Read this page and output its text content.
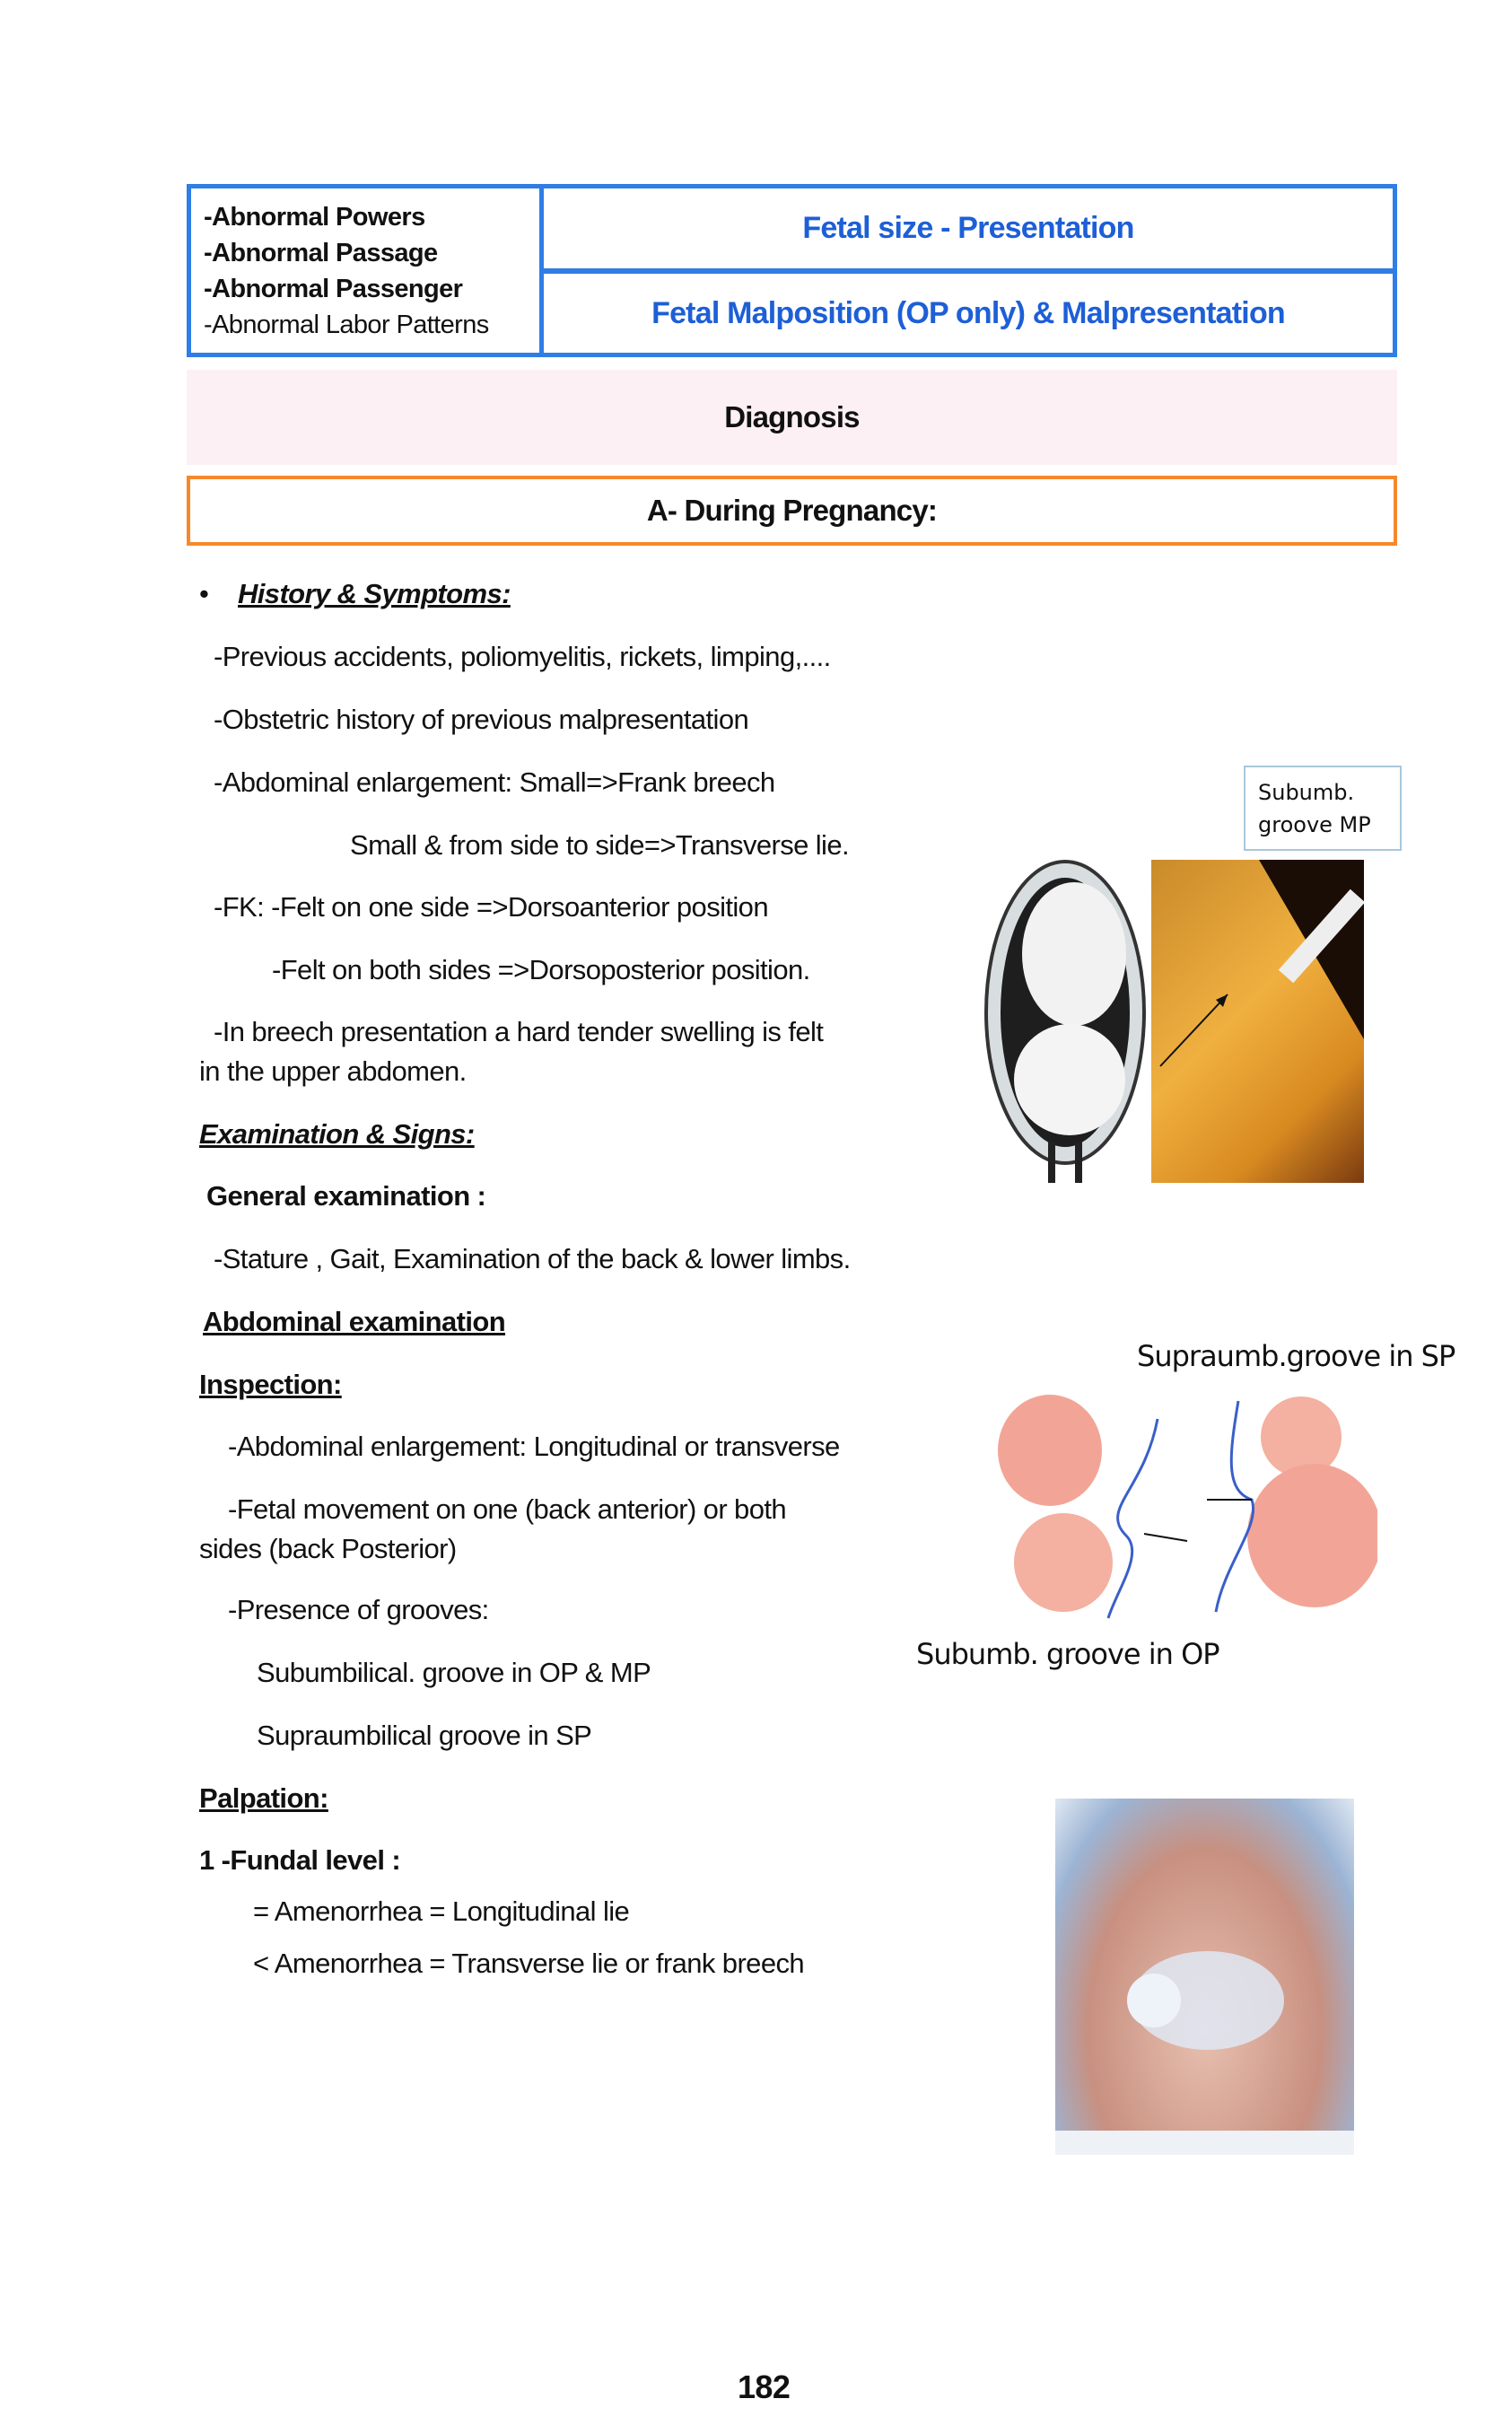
-Abnormal Powers
-Abnormal Passage
-Abnormal Passenger
-Abnormal Labor Patterns
Fetal size - Presentation
Fetal Malposition (OP only) & Malpresentation
Diagnosis
A- During Pregnancy:
• History & Symptoms:
-Previous accidents, poliomyelitis, rickets, limping,....
-Obstetric history of previous malpresentation
-Abdominal enlargement: Small=>Frank breech
Small & from side to side=>Transverse lie.
-FK: -Felt on one side =>Dorsoanterior position
-Felt on both sides =>Dorsoposterior position.
-In breech presentation a hard tender swelling is felt
in the upper abdomen.
Examination & Signs:
General examination :
-Stature , Gait, Examination of the back & lower limbs.
Abdominal examination
Inspection:
-Abdominal enlargement: Longitudinal or transverse
-Fetal movement on one (back anterior) or both
sides (back Posterior)
-Presence of grooves:
Subumbilical. groove in OP & MP
Supraumbilical groove in SP
Palpation:
1 -Fundal level :
= Amenorrhea = Longitudinal lie
< Amenorrhea = Transverse lie or frank breech
Subumb.
groove MP
Supraumb.groove in SP
Subumb. groove in OP
182
